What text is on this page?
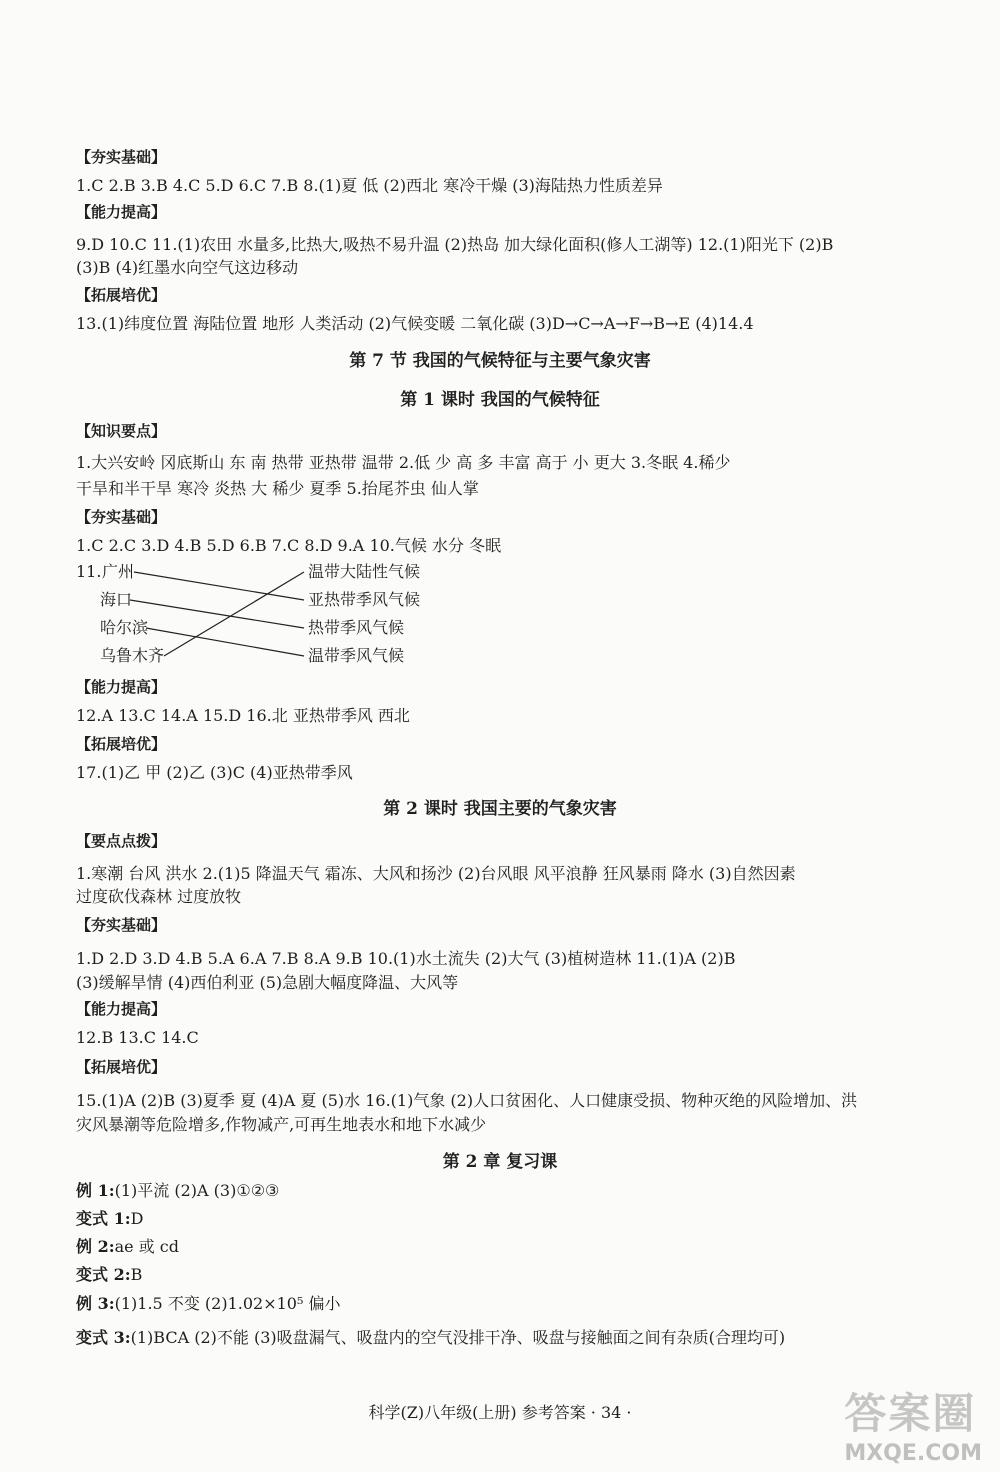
【夯实基础】
1.C 2.B 3.B 4.C 5.D 6.C 7.B 8.(1)夏 低 (2)西北 寒冷干燥 (3)海陆热力性质差异
【能力提高】
9.D 10.C 11.(1)农田 水量多,比热大,吸热不易升温 (2)热岛 加大绿化面积(修人工湖等) 12.(1)阳光下 (2)B
(3)B (4)红墨水向空气这边移动
【拓展培优】
13.(1)纬度位置 海陆位置 地形 人类活动 (2)气候变暖 二氧化碳 (3)D→C→A→F→B→E (4)14.4
第 7 节 我国的气候特征与主要气象灾害
第 1 课时 我国的气候特征
【知识要点】
1.大兴安岭 冈底斯山 东 南 热带 亚热带 温带 2.低 少 高 多 丰富 高于 小 更大 3.冬眠 4.稀少
干旱和半干旱 寒冷 炎热 大 稀少 夏季 5.抬尾芥虫 仙人掌
【夯实基础】
1.C 2.C 3.D 4.B 5.D 6.B 7.C 8.D 9.A 10.气候 水分 冬眠
11. 广州
海口
哈尔滨
乌鲁木齐
温带大陆性气候
亚热带季风气候
热带季风气候
温带季风气候
【能力提高】
12.A 13.C 14.A 15.D 16.北 亚热带季风 西北
【拓展培优】
17.(1)乙 甲 (2)乙 (3)C (4)亚热带季风
第 2 课时 我国主要的气象灾害
【要点点拨】
1.寒潮 台风 洪水 2.(1)5 降温天气 霜冻、大风和扬沙 (2)台风眼 风平浪静 狂风暴雨 降水 (3)自然因素
过度砍伐森林 过度放牧
【夯实基础】
1.D 2.D 3.D 4.B 5.A 6.A 7.B 8.A 9.B 10.(1)水土流失 (2)大气 (3)植树造林 11.(1)A (2)B
(3)缓解旱情 (4)西伯利亚 (5)急剧大幅度降温、大风等
【能力提高】
12.B 13.C 14.C
【拓展培优】
15.(1)A (2)B (3)夏季 夏 (4)A 夏 (5)水 16.(1)气象 (2)人口贫困化、人口健康受损、物种灭绝的风险增加、洪
灾风暴潮等危险增多,作物减产,可再生地表水和地下水减少
第 2 章 复习课
例 1:(1)平流 (2)A (3)①②③
变式 1:D
例 2:ae 或 cd
变式 2:B
例 3:(1)1.5 不变 (2)1.02×10⁵ 偏小
变式 3:(1)BCA (2)不能 (3)吸盘漏气、吸盘内的空气没排干净、吸盘与接触面之间有杂质(合理均可)
科学(Z)八年级(上册) 参考答案 · 34 ·	答案圈
MXQE.COM
